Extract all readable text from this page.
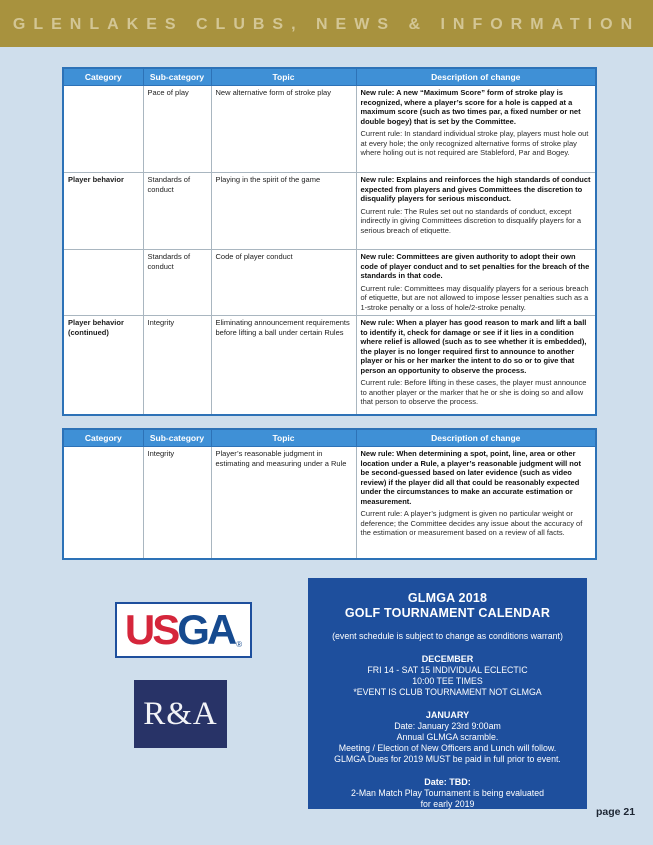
GLENLAKES CLUBS, NEWS & INFORMATION
Category	Sub-category	Topic	Description of change
	Pace of play	New alternative form of stroke play	New rule: A new “Maximum Score” form of stroke play is recognized, where a player’s score for a hole is capped at a maximum score (such as two times par, a fixed number or net double bogey) that is set by the Committee.

Current rule: In standard individual stroke play, players must hole out at every hole; the only recognized alternative forms of stroke play where holing out is not required are Stableford, Par and Bogey.

Player behavior	Standards of conduct	Playing in the spirit of the game	New rule: Explains and reinforces the high standards of conduct expected from players and gives Committees the discretion to disqualify players for serious misconduct.

Current rule: The Rules set out no standards of conduct, except indirectly in giving Committees discretion to disqualify players for a serious breach of etiquette.

	Standards of conduct	Code of player conduct	New rule: Committees are given authority to adopt their own code of player conduct and to set penalties for the breach of the standards in that code.

Current rule: Committees may disqualify players for a serious breach of etiquette, but are not allowed to impose lesser penalties such as a 1-stroke penalty or a loss of hole/2-stroke penalty.

Player behavior (continued)	Integrity	Eliminating announcement requirements before lifting a ball under certain Rules	New rule: When a player has good reason to mark and lift a ball to identify it, check for damage or see if it lies in a condition where relief is allowed (such as to see whether it is embedded), the player is no longer required first to announce to another player or his or her marker the intent to do so or to give that person an opportunity to observe the process.

Current rule: Before lifting in these cases, the player must announce to another player or the marker that he or she is doing so and allow that person to observe the process.

Category	Sub-category	Topic	Description of change
	Integrity	Player’s reasonable judgment in estimating and measuring under a Rule	New rule: When determining a spot, point, line, area or other location under a Rule, a player’s reasonable judgment will not be second-guessed based on later evidence (such as video review) if the player did all that could be reasonably expected under the circumstances to make an accurate estimation or measurement.

Current rule: A player’s judgment is given no particular weight or deference; the Committee decides any issue about the accuracy of the estimation or measurement based on a review of all facts.

USGA ®
R&A
GLMGA 2018
GOLF TOURNAMENT CALENDAR
(event schedule is subject to change as conditions warrant)
DECEMBER
FRI 14 - SAT 15 INDIVIDUAL ECLECTIC
10:00 TEE TIMES
*EVENT IS CLUB TOURNAMENT NOT GLMGA
JANUARY
Date: January 23rd 9:00am
Annual GLMGA scramble.
Meeting / Election of New Officers and Lunch will follow.
GLMGA Dues for 2019 MUST be paid in full prior to event.
Date: TBD:
2-Man Match Play Tournament is being evaluated
for early 2019
page 21
